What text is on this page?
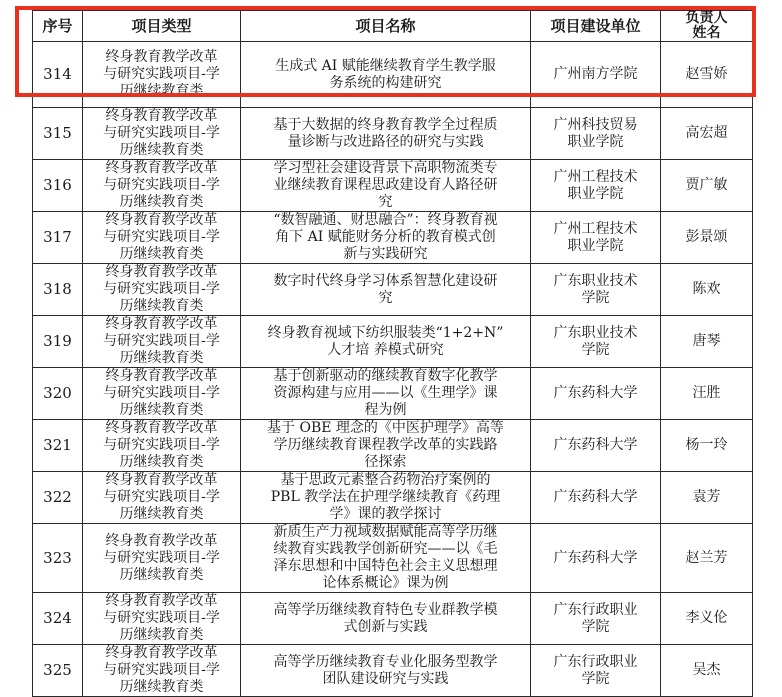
序号	项目类型	项目名称	项目建设单位	负责人
姓名

314	终身教育教学改革
与研究实践项目-学
历继续教育类	生成式 AI 赋能继续教育学生教学服
务系统的构建研究	广州南方学院	赵雪娇

315	终身教育教学改革
与研究实践项目-学
历继续教育类	基于大数据的终身教育教学全过程质
量诊断与改进路径的研究与实践	广州科技贸易
职业学院	高宏超

316	终身教育教学改革
与研究实践项目-学
历继续教育类	学习型社会建设背景下高职物流类专
业继续教育课程思政建设育人路径研
究	广州工程技术
职业学院	贾广敏

317	终身教育教学改革
与研究实践项目-学
历继续教育类	“数智融通、财思融合”：终身教育视
角下 AI 赋能财务分析的教育模式创
新与实践研究	广州工程技术
职业学院	彭景颂

318	终身教育教学改革
与研究实践项目-学
历继续教育类	数字时代终身学习体系智慧化建设研
究	广东职业技术
学院	陈欢

319	终身教育教学改革
与研究实践项目-学
历继续教育类	终身教育视域下纺织服装类“1+2+N”
人才培 养模式研究	广东职业技术
学院	唐琴

320	终身教育教学改革
与研究实践项目-学
历继续教育类	基于创新驱动的继续教育数字化教学
资源构建与应用——以《生理学》课
程为例	广东药科大学	汪胜

321	终身教育教学改革
与研究实践项目-学
历继续教育类	基于 OBE 理念的《中医护理学》高等
学历继续教育课程教学改革的实践路
径探索	广东药科大学	杨一玲

322	终身教育教学改革
与研究实践项目-学
历继续教育类	基于思政元素整合药物治疗案例的
PBL 教学法在护理学继续教育《药理
学》课的教学探讨	广东药科大学	袁芳

323	终身教育教学改革
与研究实践项目-学
历继续教育类	新质生产力视域数据赋能高等学历继
续教育实践教学创新研究——以《毛
泽东思想和中国特色社会主义思想理
论体系概论》课为例	广东药科大学	赵兰芳

324	终身教育教学改革
与研究实践项目-学
历继续教育类	高等学历继续教育特色专业群教学模
式创新与实践	广东行政职业
学院	李义伦

325	终身教育教学改革
与研究实践项目-学
历继续教育类	高等学历继续教育专业化服务型教学
团队建设研究与实践	广东行政职业
学院	吴杰
